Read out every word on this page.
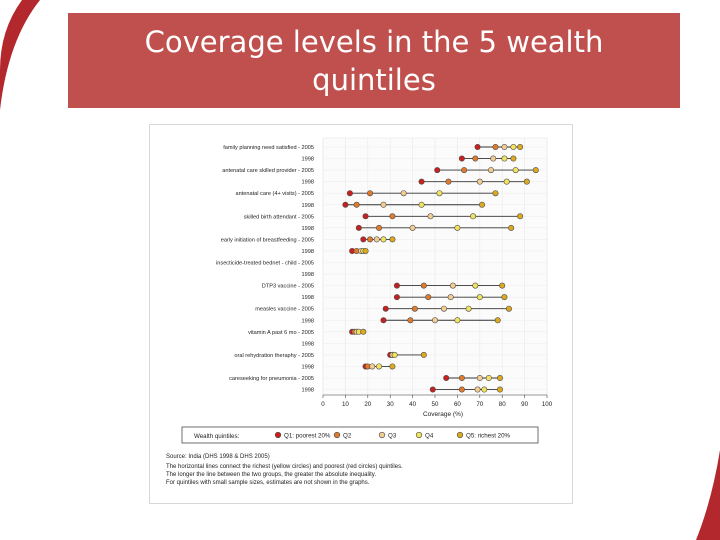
Coverage levels in the 5 wealth quintiles
family planning need satisfied - 2005
1998
antenatal care skilled provider - 2005
1998
antenatal care (4+ visits) - 2005
1998
skilled birth attendant - 2005
1998
early initiation of breastfeeding - 2005
1998
insecticide-treated bednet - child - 2005
1998
DTP3 vaccine - 2005
1998
measles vaccine - 2005
1998
vitamin A past 6 mo - 2005
1998
oral rehydration theraphy - 2005
1998
careseeking for pneumonia - 2005
1998
0	10	20	30	40	50	60	70	80	90 100
Coverage (%)
Wealth quintiles:	Q1: poorest 20% Q2	Q3	Q4	Q5: richest 20%
Source: India (DHS 1998 & DHS 2005)
The horizontal lines connect the richest (yellow circles) and poorest (red circles) quintiles.
The longer the line between the two groups, the greater the absolute inequality.
For quintiles with small sample sizes, estimates are not shown in the graphs.
